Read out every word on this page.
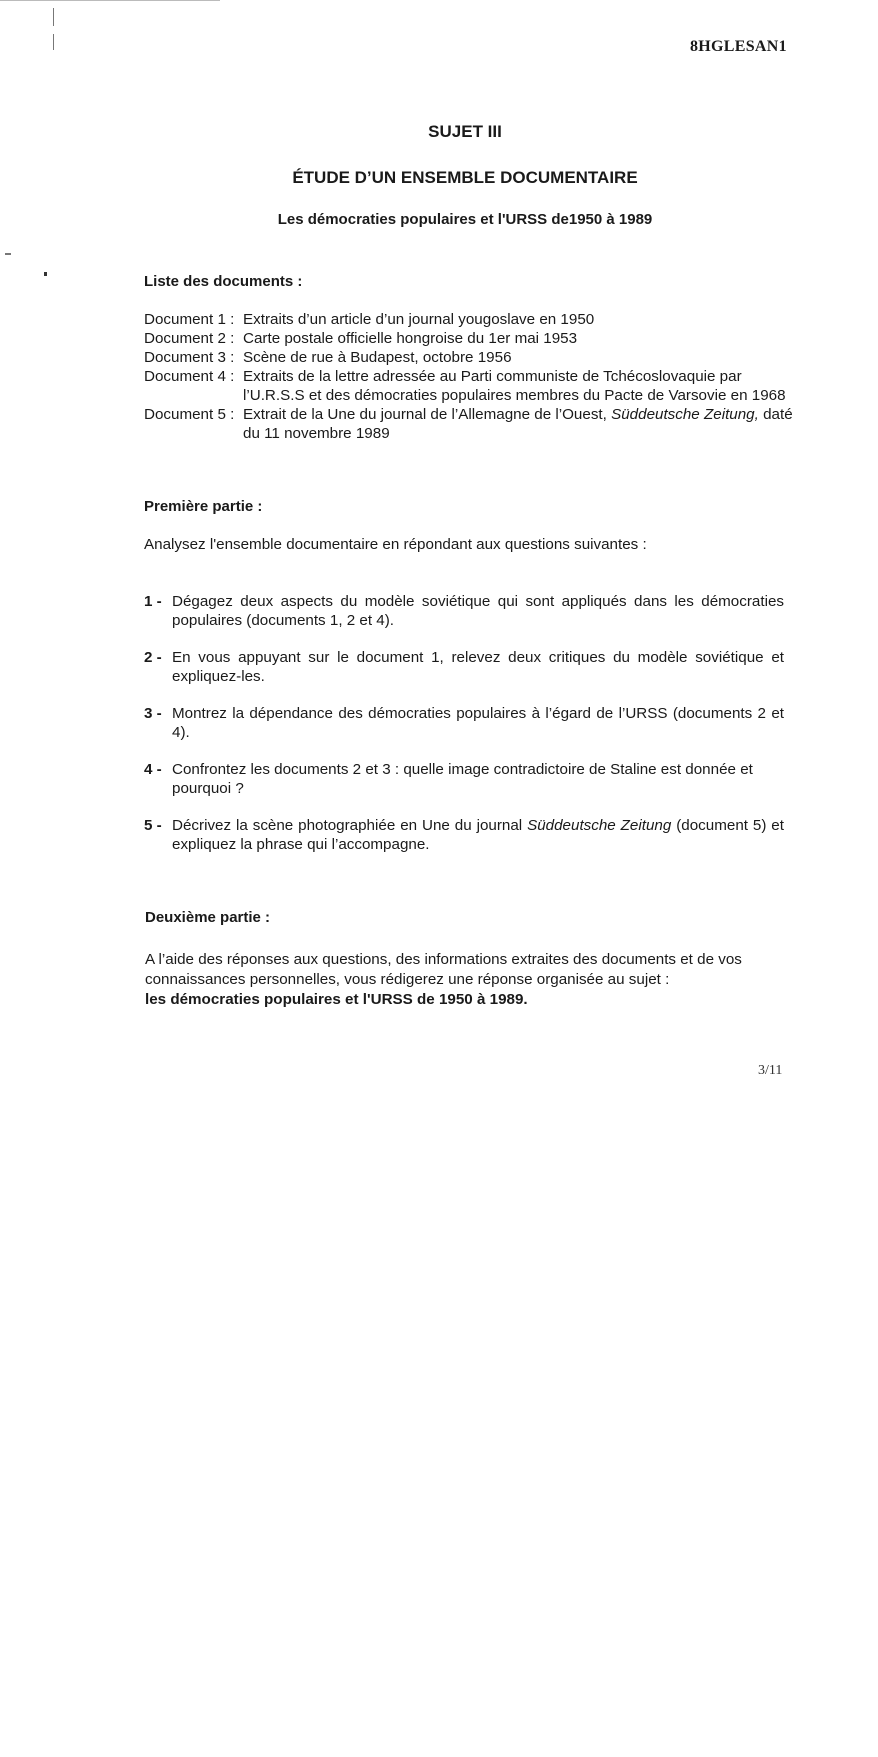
8HGLESAN1
SUJET III
ÉTUDE D’UN ENSEMBLE DOCUMENTAIRE
Les démocraties populaires et l'URSS de1950 à 1989
Liste des documents :
Document 1 : Extraits d’un article d’un journal yougoslave en 1950
Document 2 : Carte postale officielle hongroise du 1er mai 1953
Document 3 : Scène de rue à Budapest, octobre 1956
Document 4 : Extraits de la lettre adressée au Parti communiste de Tchécoslovaquie par l’U.R.S.S et des démocraties populaires membres du Pacte de Varsovie en 1968
Document 5 : Extrait de la Une du journal de l’Allemagne de l’Ouest, Süddeutsche Zeitung, daté du 11 novembre 1989
Première partie :
Analysez l'ensemble documentaire en répondant aux questions suivantes :
1 - Dégagez deux aspects du modèle soviétique qui sont appliqués dans les démocraties populaires (documents 1, 2 et 4).
2 - En vous appuyant sur le document 1, relevez deux critiques du modèle soviétique et expliquez-les.
3 - Montrez la dépendance des démocraties populaires à l’égard de l’URSS (documents 2 et 4).
4 - Confrontez les documents 2 et 3 : quelle image contradictoire de Staline est donnée et pourquoi ?
5 - Décrivez la scène photographiée en Une du journal Süddeutsche Zeitung (document 5) et expliquez la phrase qui l’accompagne.
Deuxième partie :
A l’aide des réponses aux questions, des informations extraites des documents et de vos connaissances personnelles, vous rédigerez une réponse organisée au sujet :
les démocraties populaires et l'URSS de 1950 à 1989.
3/11
